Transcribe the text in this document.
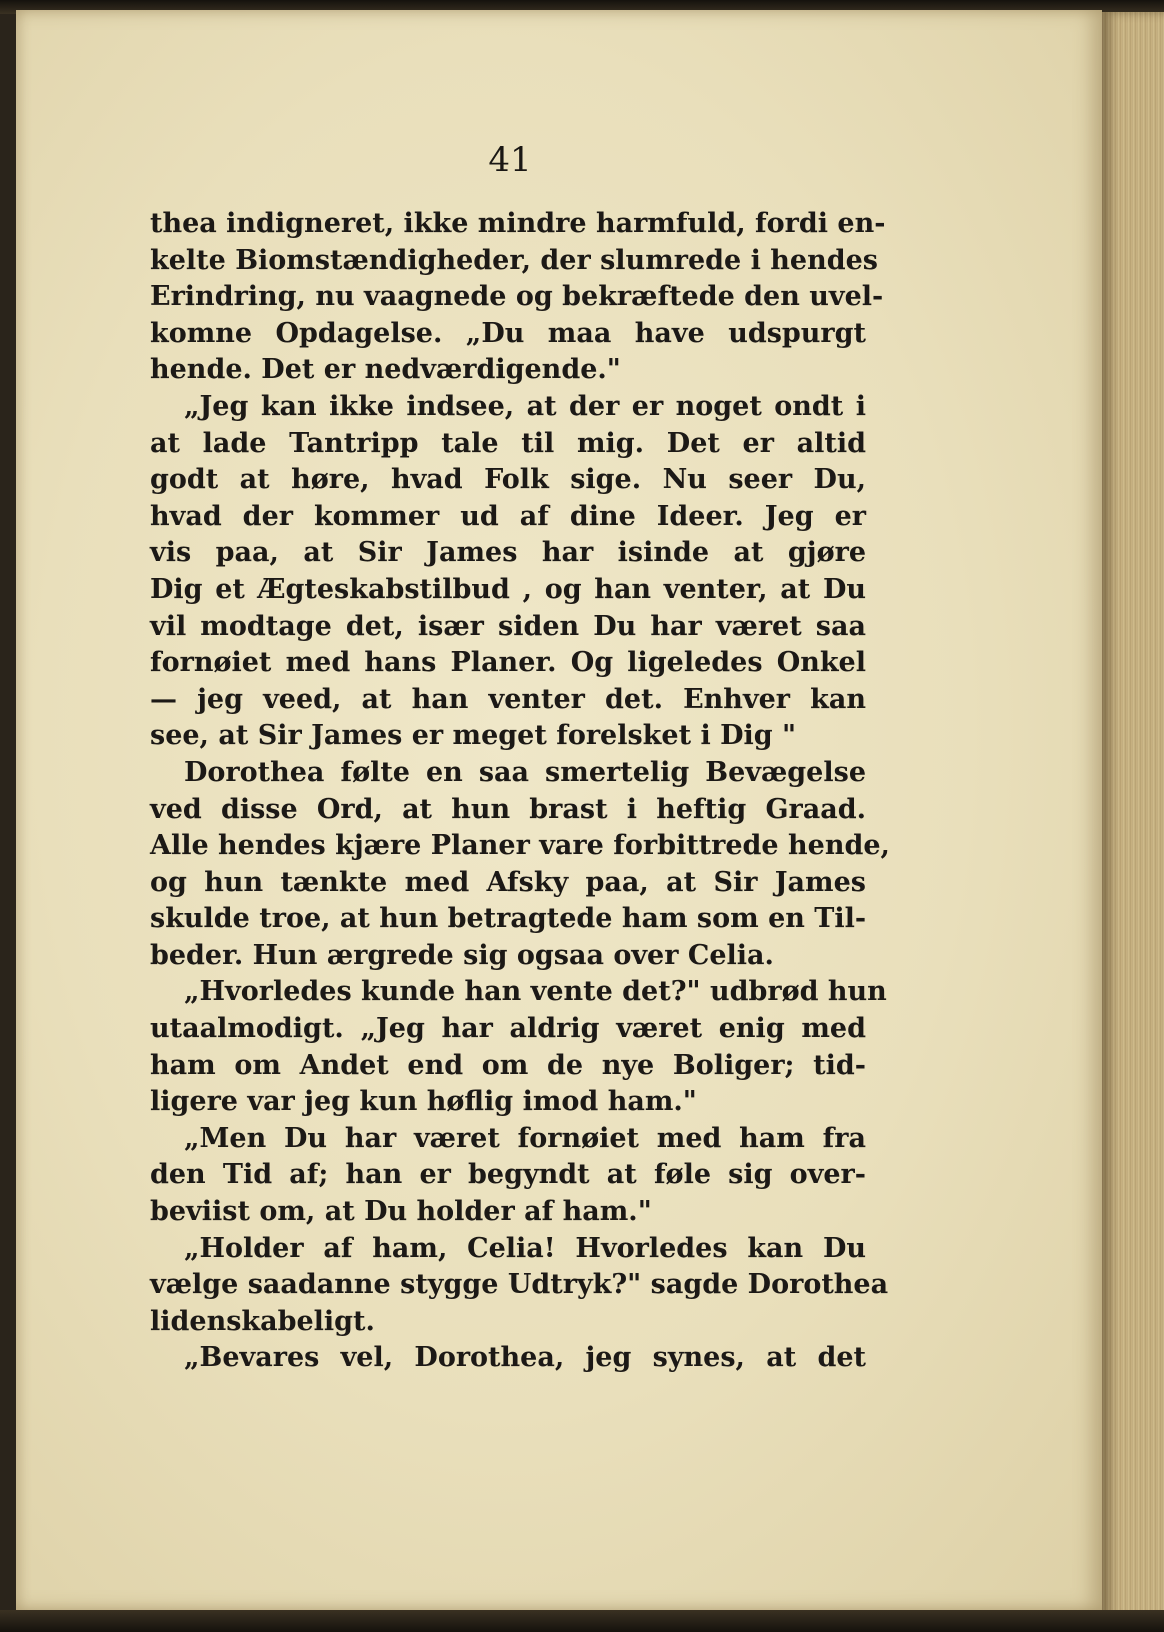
41
thea indigneret, ikke mindre harmfuld, fordi en-
kelte Biomstændigheder, der slumrede i hendes
Erindring, nu vaagnede og bekræftede den uvel-
komne Opdagelse. „Du maa have udspurgt
hende. Det er nedværdigende."
„Jeg kan ikke indsee, at der er noget ondt i
at lade Tantripp tale til mig. Det er altid
godt at høre, hvad Folk sige. Nu seer Du,
hvad der kommer ud af dine Ideer. Jeg er
vis paa, at Sir James har isinde at gjøre
Dig et Ægteskabstilbud , og han venter, at Du
vil modtage det, især siden Du har været saa
fornøiet med hans Planer. Og ligeledes Onkel
— jeg veed, at han venter det. Enhver kan
see, at Sir James er meget forelsket i Dig "
Dorothea følte en saa smertelig Bevægelse
ved disse Ord, at hun brast i heftig Graad.
Alle hendes kjære Planer vare forbittrede hende,
og hun tænkte med Afsky paa, at Sir James
skulde troe, at hun betragtede ham som en Til-
beder. Hun ærgrede sig ogsaa over Celia.
„Hvorledes kunde han vente det?" udbrød hun
utaalmodigt. „Jeg har aldrig været enig med
ham om Andet end om de nye Boliger; tid-
ligere var jeg kun høflig imod ham."
„Men Du har været fornøiet med ham fra
den Tid af; han er begyndt at føle sig over-
beviist om, at Du holder af ham."
„Holder af ham, Celia! Hvorledes kan Du
vælge saadanne stygge Udtryk?" sagde Dorothea
lidenskabeligt.
„Bevares vel, Dorothea, jeg synes, at det
